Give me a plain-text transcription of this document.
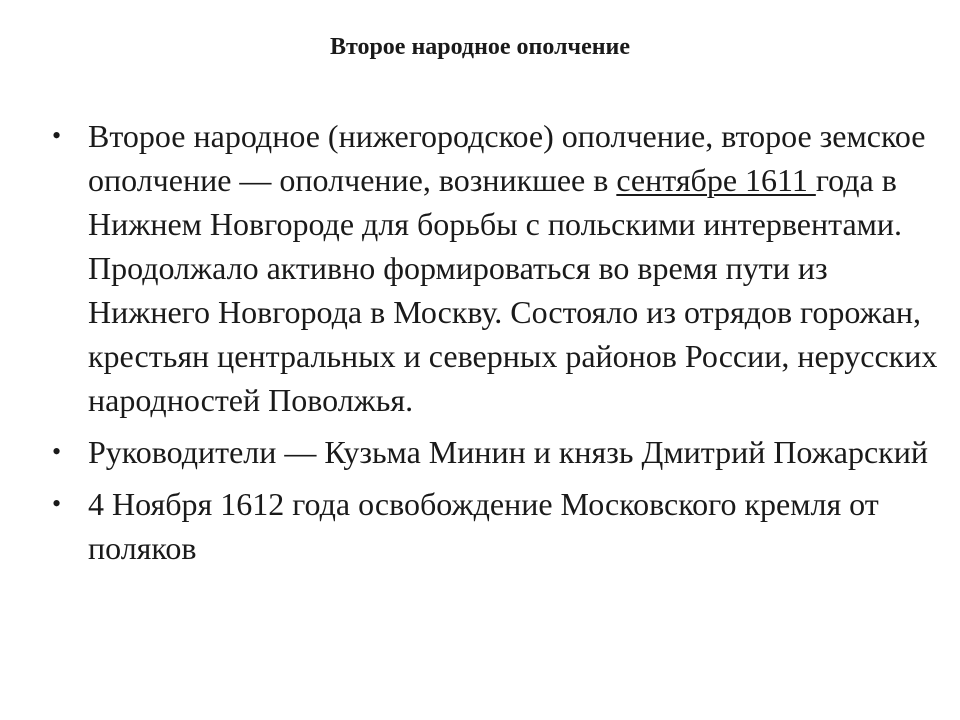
Второе народное ополчение
• Второе народное (нижегородское) ополчение, второе земское ополчение — ополчение, возникшее в сентябре 1611 года в Нижнем Новгороде для борьбы с польскими интервентами. Продолжало активно формироваться во время пути из Нижнего Новгорода в Москву. Состояло из отрядов горожан, крестьян центральных и северных районов России, нерусских народностей Поволжья.
• Руководители — Кузьма Минин и князь Дмитрий Пожарский
• 4 Ноября 1612 года освобождение Московского кремля от поляков
